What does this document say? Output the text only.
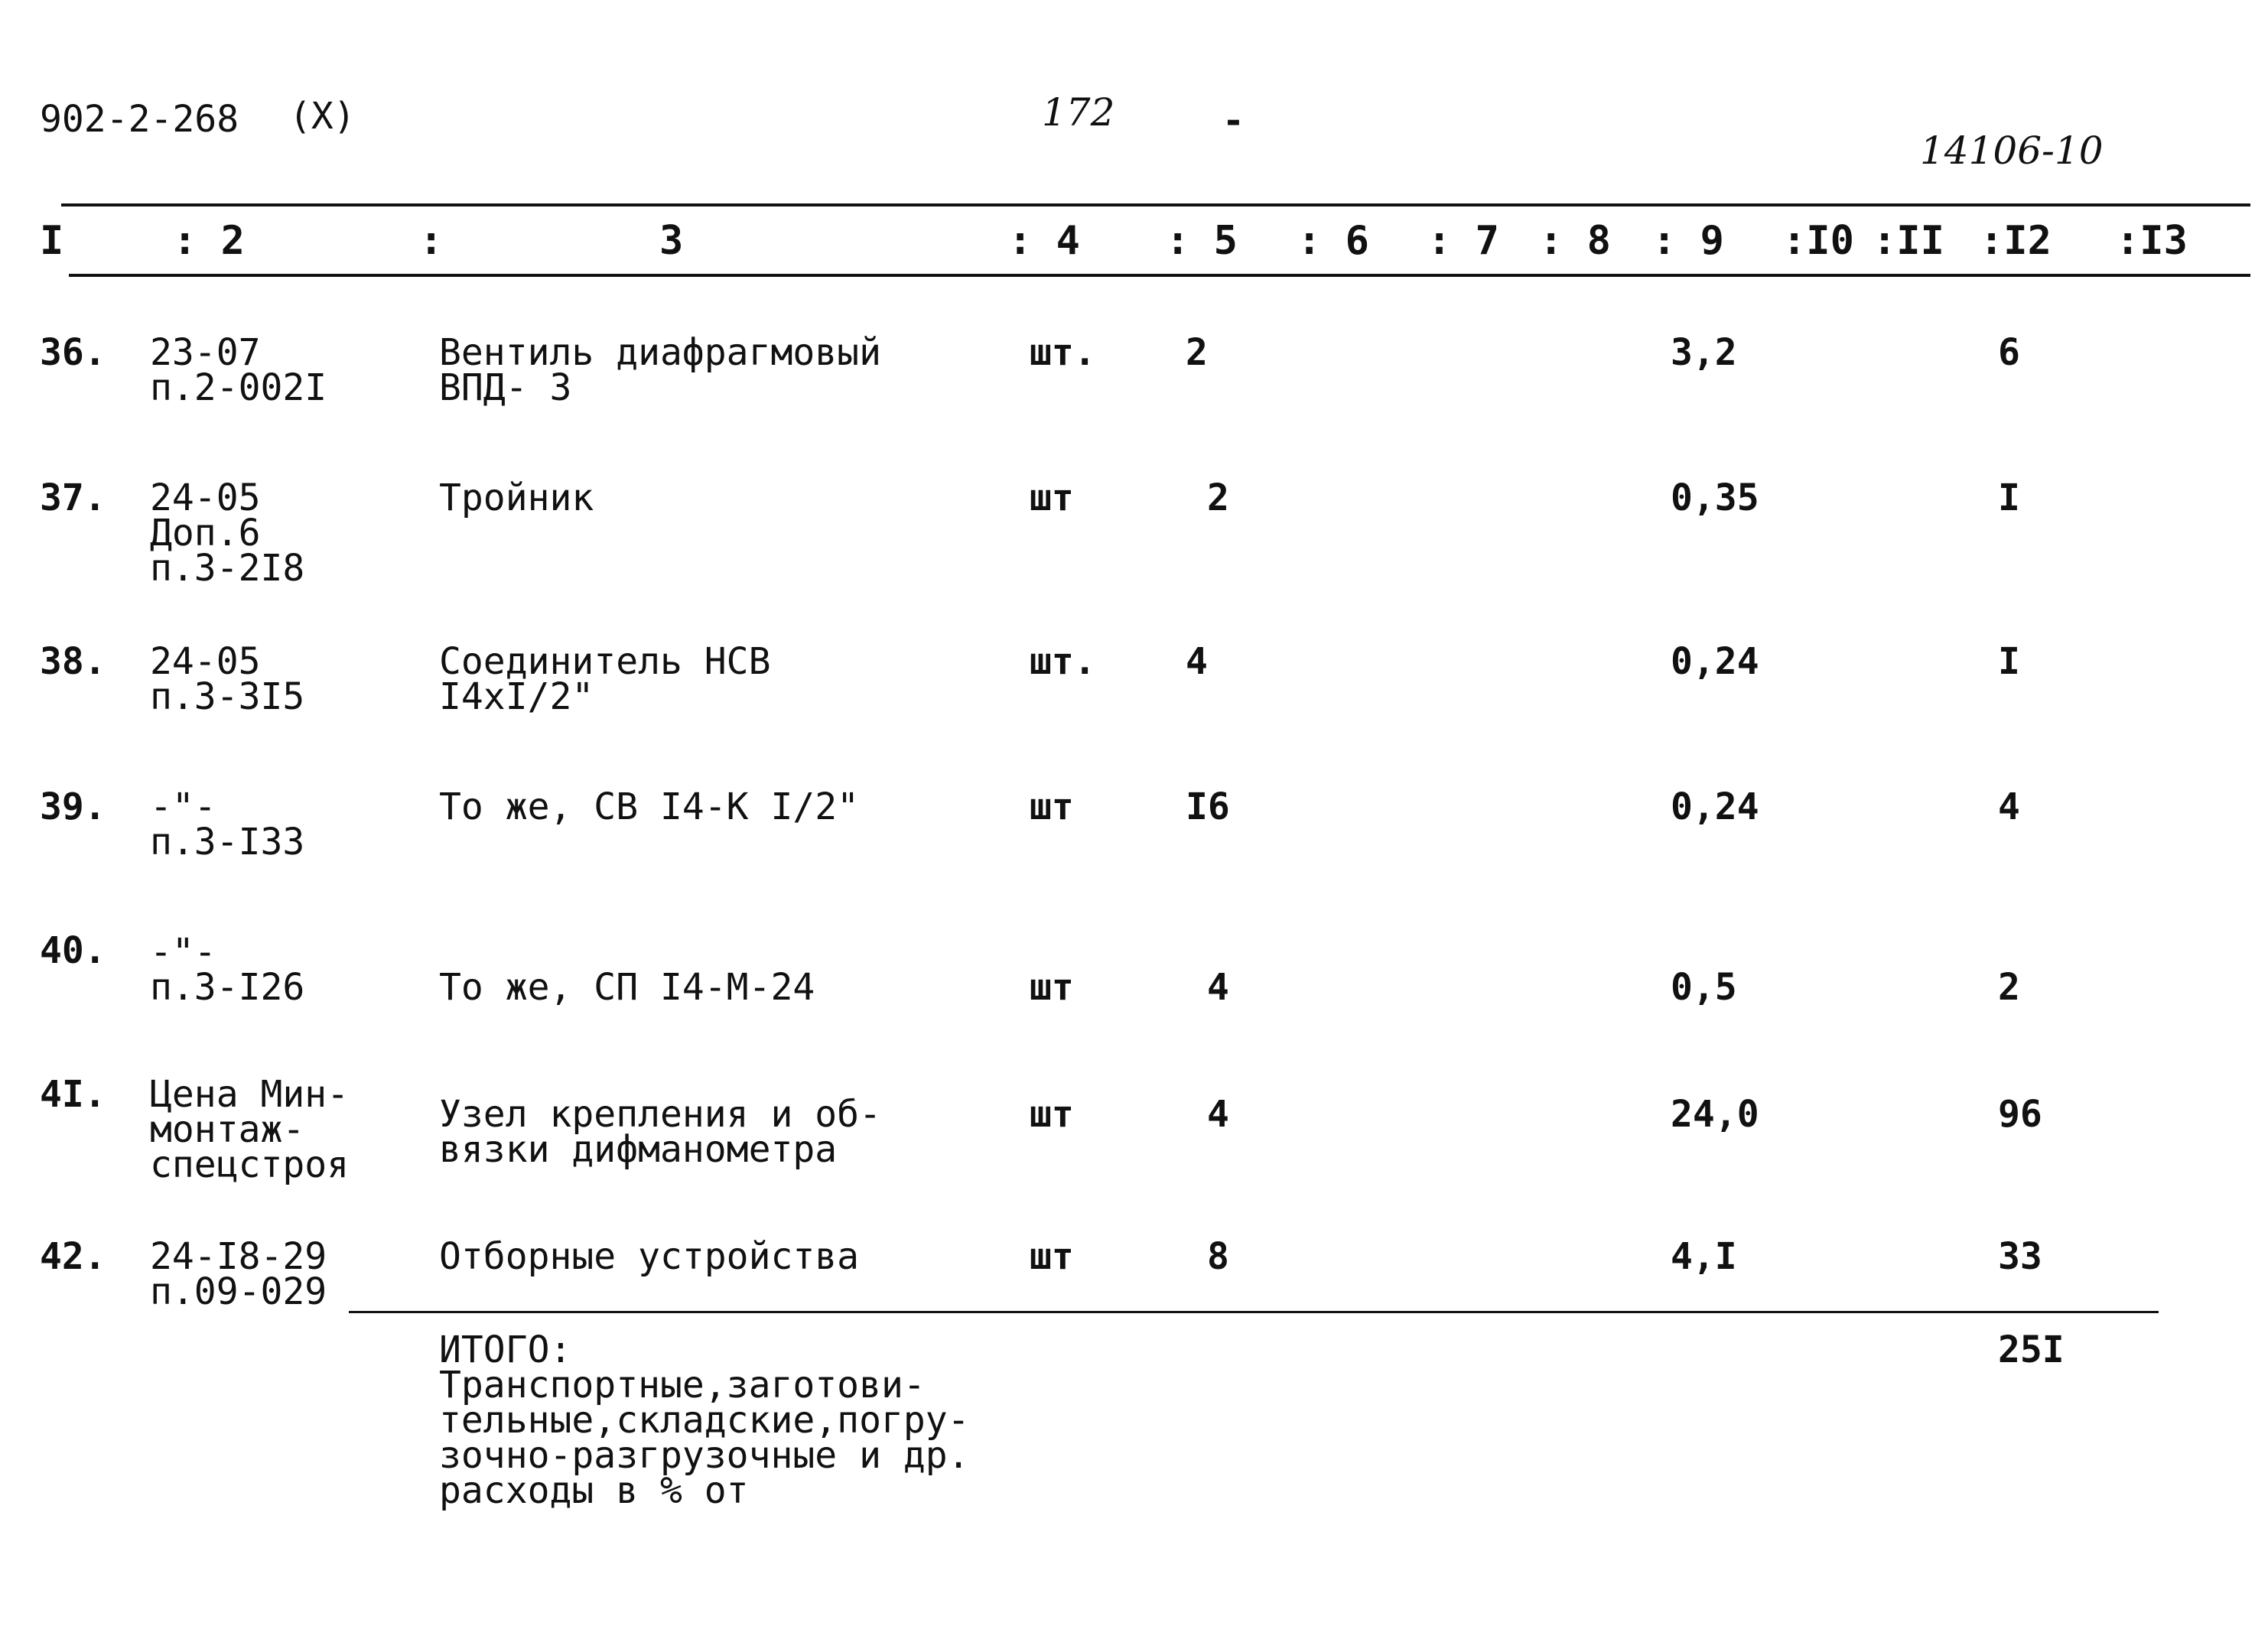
902-2-268 (X)	172	-
14106-10
I	: 2	:	3	: 4 : 5 : 6 : 7 : 8 : 9 :I0 :II :I2 :I3
36. 23-07
п.2-002I
Вентиль диафрагмовый
ВПД- 3
шт. 2	3,2	6
37. 24-05
Доп.6
п.3-2I8
Тройник	шт	2	0,35	I
38. 24-05
п.3-3I5
Соединитель НСВ
I4хI/2"
шт. 4	0,24	I
39. -"-
п.3-I33
То же, СВ I4-К I/2"	шт	I6	0,24	4
40. -"-
п.3-I26	То же, СП I4-М-24	шт	4	0,5	2
4I. Цена Мин-
монтаж-
спецстроя
Узел крепления и об-
вязки дифманометра
шт	4	24,0	96
42. 24-I8-29
п.09-029
Отборные устройства	шт	8	4,I	33
ИТОГО:
Транспортные,заготови-
тельные,складские,погру-
зочно-разгрузочные и др.
расходы в % от
25I
